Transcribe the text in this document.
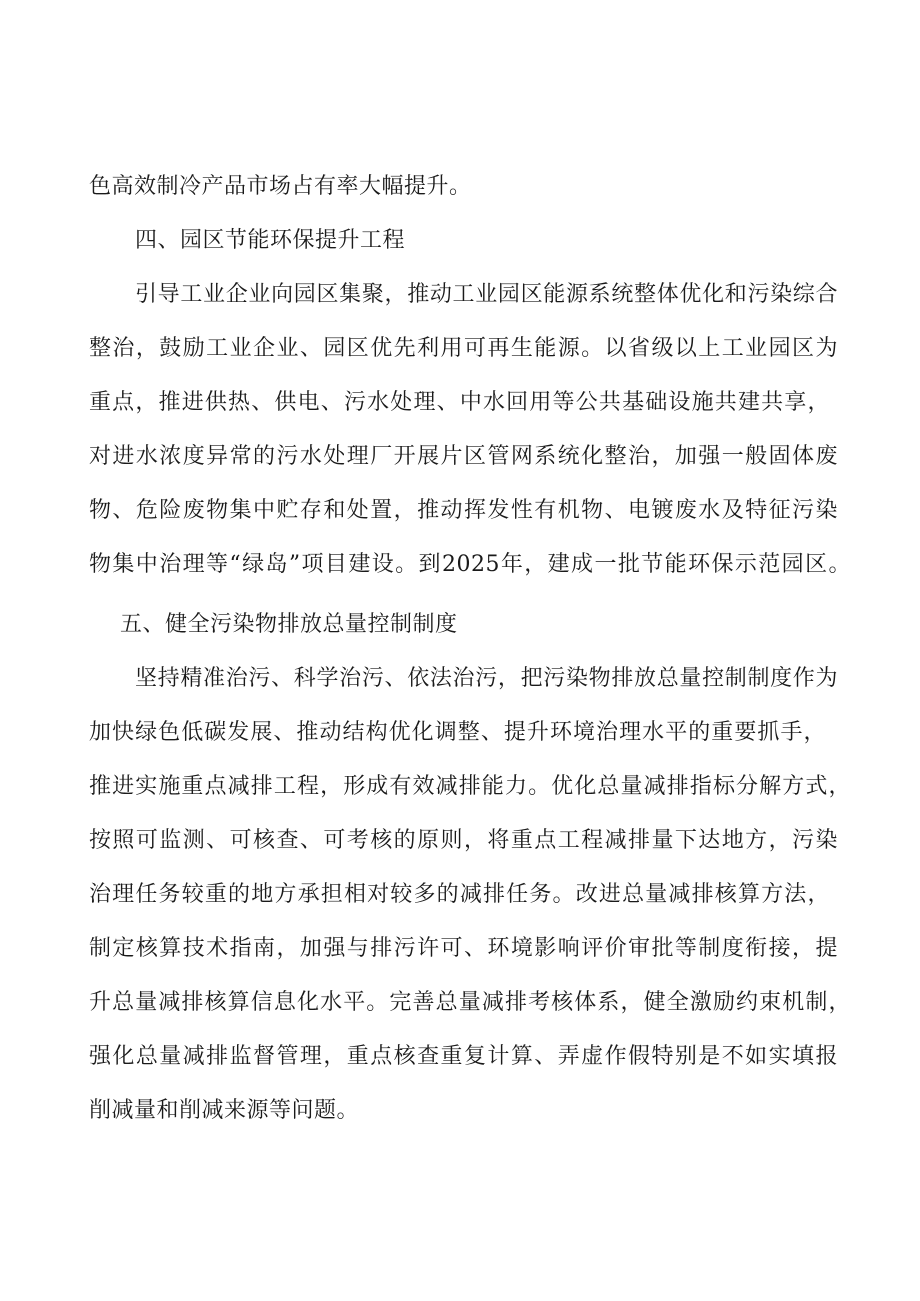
色高效制冷产品市场占有率大幅提升。
四、园区节能环保提升工程
引导工业企业向园区集聚，推动工业园区能源系统整体优化和污染综合
整治，鼓励工业企业、园区优先利用可再生能源。以省级以上工业园区为
重点，推进供热、供电、污水处理、中水回用等公共基础设施共建共享，
对进水浓度异常的污水处理厂开展片区管网系统化整治，加强一般固体废
物、危险废物集中贮存和处置，推动挥发性有机物、电镀废水及特征污染
物集中治理等“绿岛”项目建设。到2025年，建成一批节能环保示范园区。
五、健全污染物排放总量控制制度
坚持精准治污、科学治污、依法治污，把污染物排放总量控制制度作为
加快绿色低碳发展、推动结构优化调整、提升环境治理水平的重要抓手，
推进实施重点减排工程，形成有效减排能力。优化总量减排指标分解方式，
按照可监测、可核查、可考核的原则，将重点工程减排量下达地方，污染
治理任务较重的地方承担相对较多的减排任务。改进总量减排核算方法，
制定核算技术指南，加强与排污许可、环境影响评价审批等制度衔接，提
升总量减排核算信息化水平。完善总量减排考核体系，健全激励约束机制，
强化总量减排监督管理，重点核查重复计算、弄虚作假特别是不如实填报
削减量和削减来源等问题。
